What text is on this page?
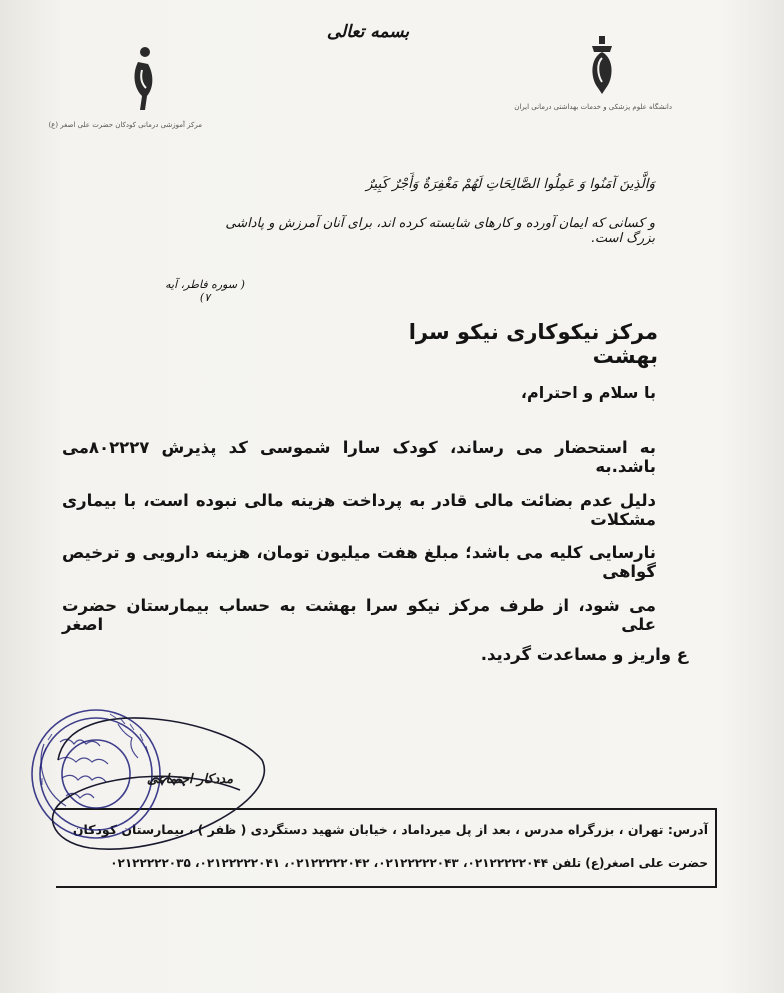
بسمه تعالی
مرکز آموزشی درمانی کودکان حضرت علی اصغر (ع)
دانشگاه علوم پزشکی و خدمات بهداشتی درمانی ایران
وَالَّذِینَ آمَنُوا وَ عَمِلُوا الصَّالِحَاتِ لَهُمْ مَغْفِرَةٌ وَأَجْرٌ كَبِيرٌ
و کسانی که ایمان آورده و کارهای شایسته کرده اند، برای آنان آمرزش و پاداشی بزرگ است.
( سوره فاطر، آیه ۷)
مرکز نیکوکاری نیکو سرا بهشت
با سلام و احترام،
به استحضار می رساند، کودک سارا شموسی کد پذیرش ۸۰۲۲۲۷می باشد.به
دلیل عدم بضائت مالی قادر به پرداخت هزینه مالی نبوده است، با بیماری مشکلات
نارسایی کلیه می باشد؛ مبلغ هفت میلیون تومان، هزینه دارویی و ترخیص گواهی
می شود، از طرف مرکز نیکو سرا بهشت به حساب بیمارستان حضرت علی اصغر
ع واریز و مساعدت گردید.
آدرس: تهران ، بزرگراه مدرس ، بعد از پل میرداماد ، خیابان شهید دستگردی ( ظفر ) ، بیمارستان کودکان
حضرت علی اصغر(ع) تلفن ۰۲۱۲۲۲۲۲۰۴۴، ۰۲۱۲۲۲۲۲۰۴۳، ۰۲۱۲۲۲۲۲۰۴۲، ۰۲۱۲۲۲۲۲۰۴۱، ۰۲۱۲۲۲۲۲۰۳۵
مددکار اجتماعی
